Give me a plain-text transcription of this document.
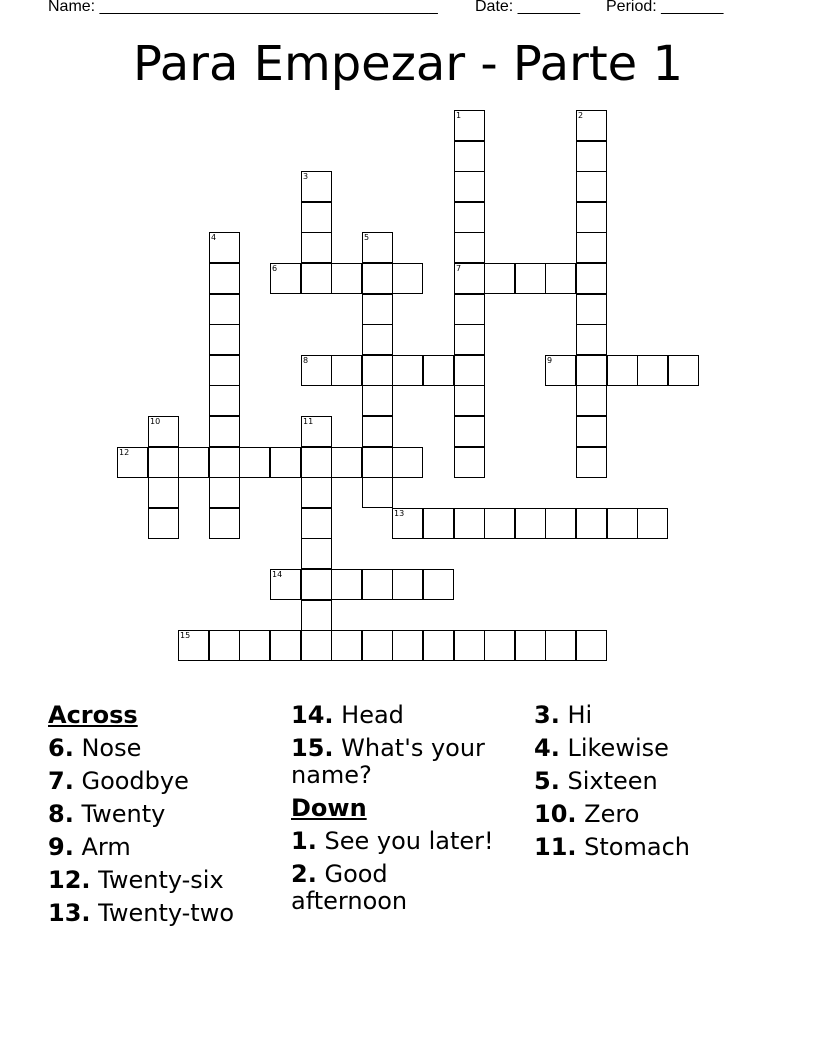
Name: ______________________________________ Date: _______ Period: _______
Para Empezar - Parte 1
1
7
2
3
4	5
6
8	9
10	11
12
13
14
15
Across
6. Nose
7. Goodbye
8. Twenty
9. Arm
12. Twenty-six
13. Twenty-two
14. Head
15. What's your name?
Down
1. See you later!
2. Good afternoon
3. Hi
4. Likewise
5. Sixteen
10. Zero
11. Stomach
